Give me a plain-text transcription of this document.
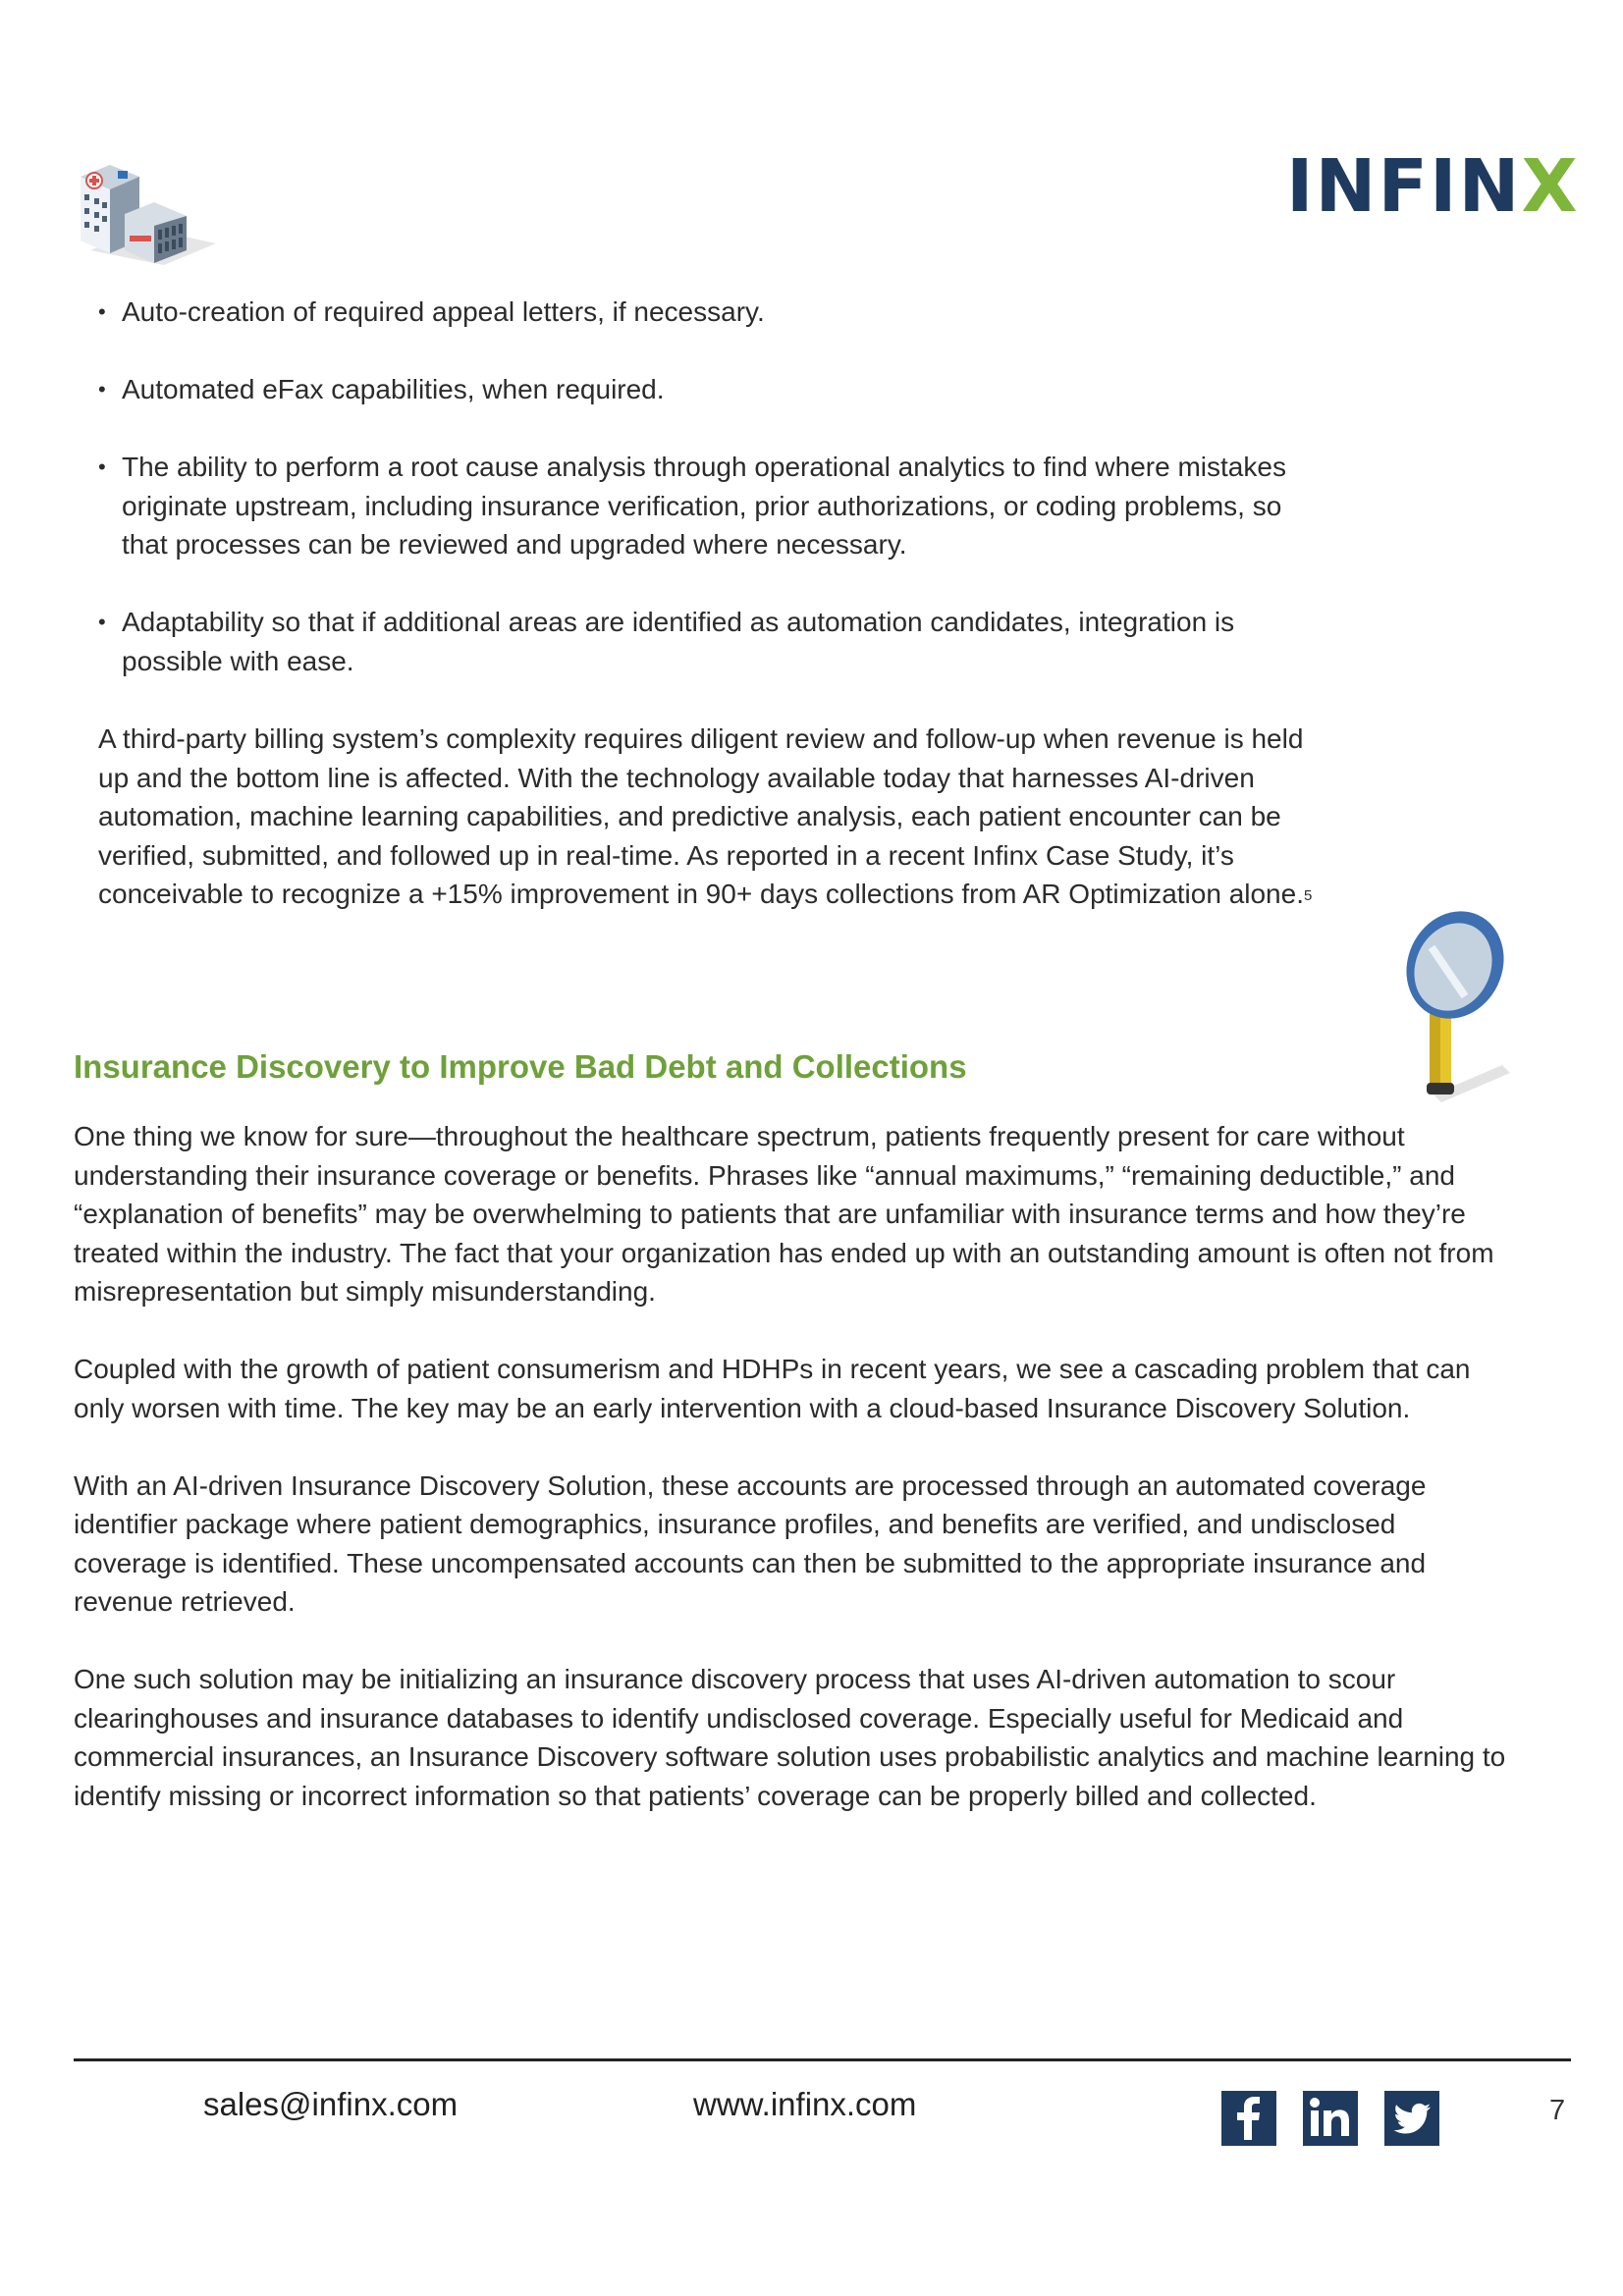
INFIN X
• Auto-creation of required appeal letters, if necessary.
• Automated eFax capabilities, when required.
• The ability to perform a root cause analysis through operational analytics to find where mistakes originate upstream, including insurance verification, prior authorizations, or coding problems, so that processes can be reviewed and upgraded where necessary.
• Adaptability so that if additional areas are identified as automation candidates, integration is possible with ease.

A third-party billing system’s complexity requires diligent review and follow-up when revenue is held up and the bottom line is affected. With the technology available today that harnesses AI-driven automation, machine learning capabilities, and predictive analysis, each patient encounter can be verified, submitted, and followed up in real-time. As reported in a recent Infinx Case Study, it’s conceivable to recognize a +15% improvement in 90+ days collections from AR Optimization alone.$^5$

Insurance Discovery to Improve Bad Debt and Collections

One thing we know for sure—throughout the healthcare spectrum, patients frequently present for care without understanding their insurance coverage or benefits. Phrases like “annual maximums,” “remaining deductible,” and “explanation of benefits” may be overwhelming to patients that are unfamiliar with insurance terms and how they’re treated within the industry. The fact that your organization has ended up with an outstanding amount is often not from misrepresentation but simply misunderstanding.

Coupled with the growth of patient consumerism and HDHPs in recent years, we see a cascading problem that can only worsen with time. The key may be an early intervention with a cloud-based Insurance Discovery Solution.

With an AI-driven Insurance Discovery Solution, these accounts are processed through an automated coverage identifier package where patient demographics, insurance profiles, and benefits are verified, and undisclosed coverage is identified. These uncompensated accounts can then be submitted to the appropriate insurance and revenue retrieved.

One such solution may be initializing an insurance discovery process that uses AI-driven automation to scour clearinghouses and insurance databases to identify undisclosed coverage. Especially useful for Medicaid and commercial insurances, an Insurance Discovery software solution uses probabilistic analytics and machine learning to identify missing or incorrect information so that patients’ coverage can be properly billed and collected.

sales@infinx.com	www.infinx.com	7
